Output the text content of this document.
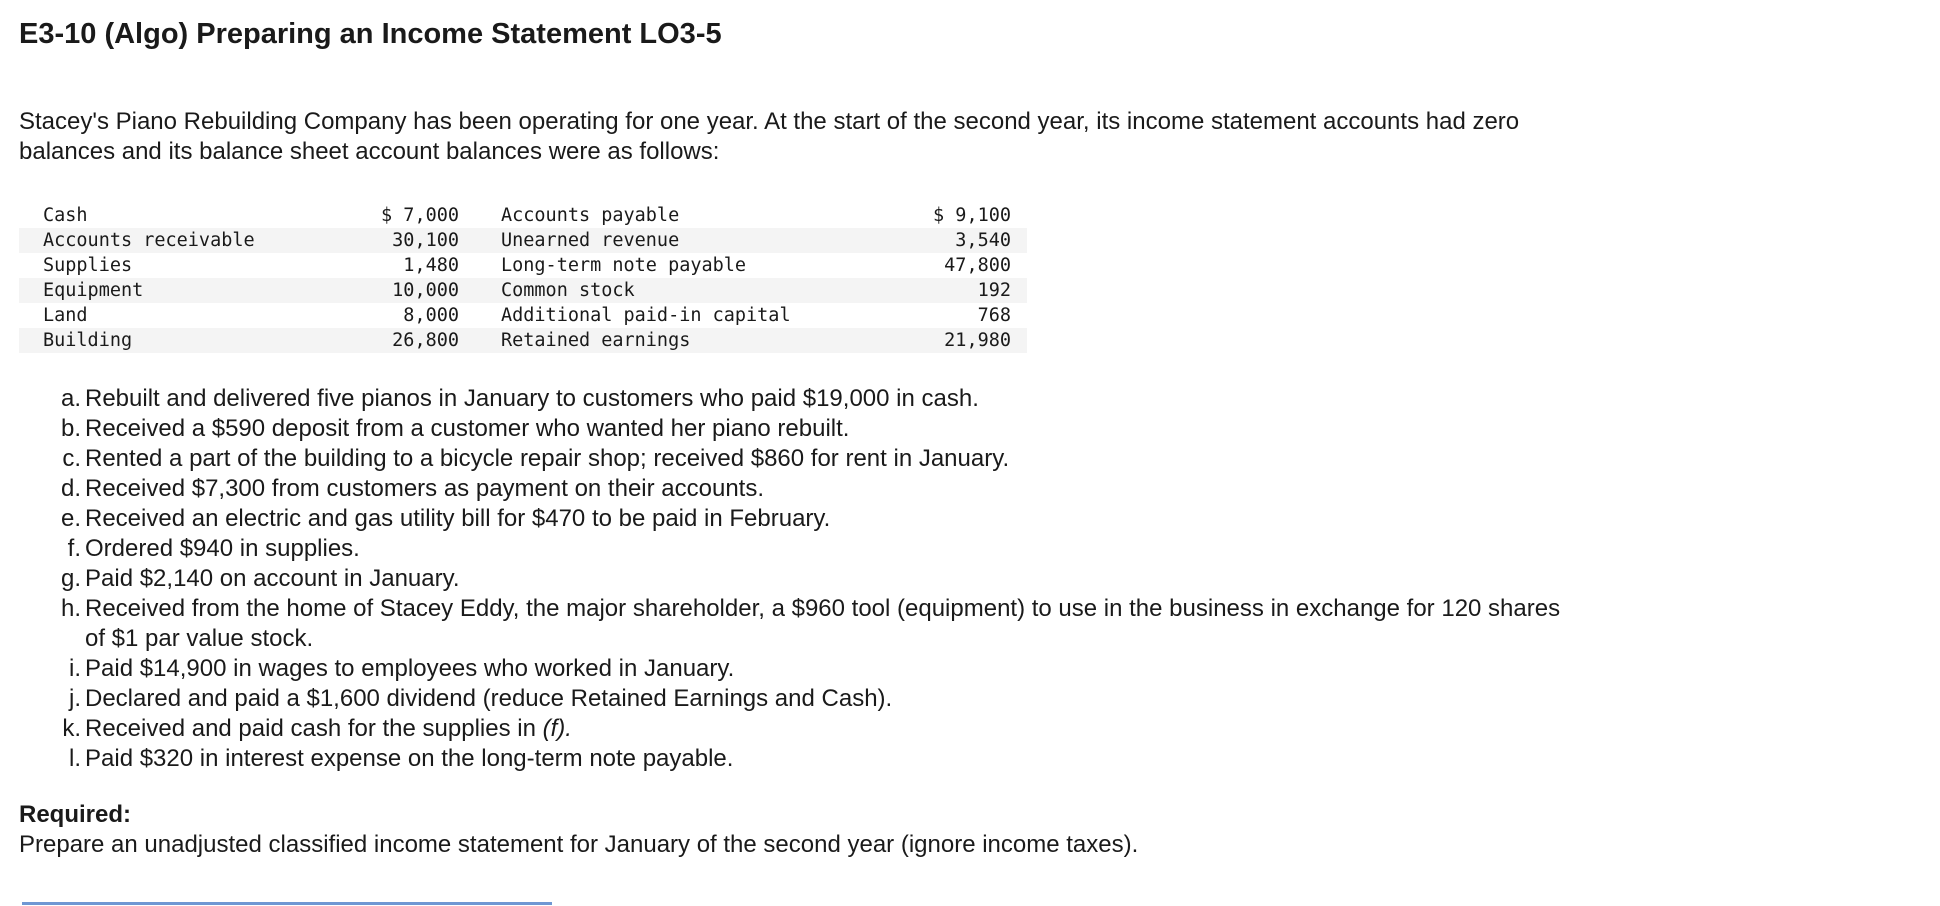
E3-10 (Algo) Preparing an Income Statement LO3-5

Stacey's Piano Rebuilding Company has been operating for one year. At the start of the second year, its income statement accounts had zero balances and its balance sheet account balances were as follows:

Cash	$ 7,000	Accounts payable	$ 9,100
Accounts receivable	30,100	Unearned revenue	3,540
Supplies	1,480	Long-term note payable	47,800
Equipment	10,000	Common stock	192
Land	8,000	Additional paid-in capital	768
Building	26,800	Retained earnings	21,980
a. Rebuilt and delivered five pianos in January to customers who paid $19,000 in cash.
b. Received a $590 deposit from a customer who wanted her piano rebuilt.
c. Rented a part of the building to a bicycle repair shop; received $860 for rent in January.
d. Received $7,300 from customers as payment on their accounts.
e. Received an electric and gas utility bill for $470 to be paid in February.
f. Ordered $940 in supplies.
g. Paid $2,140 on account in January.
h. Received from the home of Stacey Eddy, the major shareholder, a $960 tool (equipment) to use in the business in exchange for 120 shares of $1 par value stock.
i. Paid $14,900 in wages to employees who worked in January.
j. Declared and paid a $1,600 dividend (reduce Retained Earnings and Cash).
k. Received and paid cash for the supplies in (f).
l. Paid $320 in interest expense on the long-term note payable.

Required:

Prepare an unadjusted classified income statement for January of the second year (ignore income taxes).
